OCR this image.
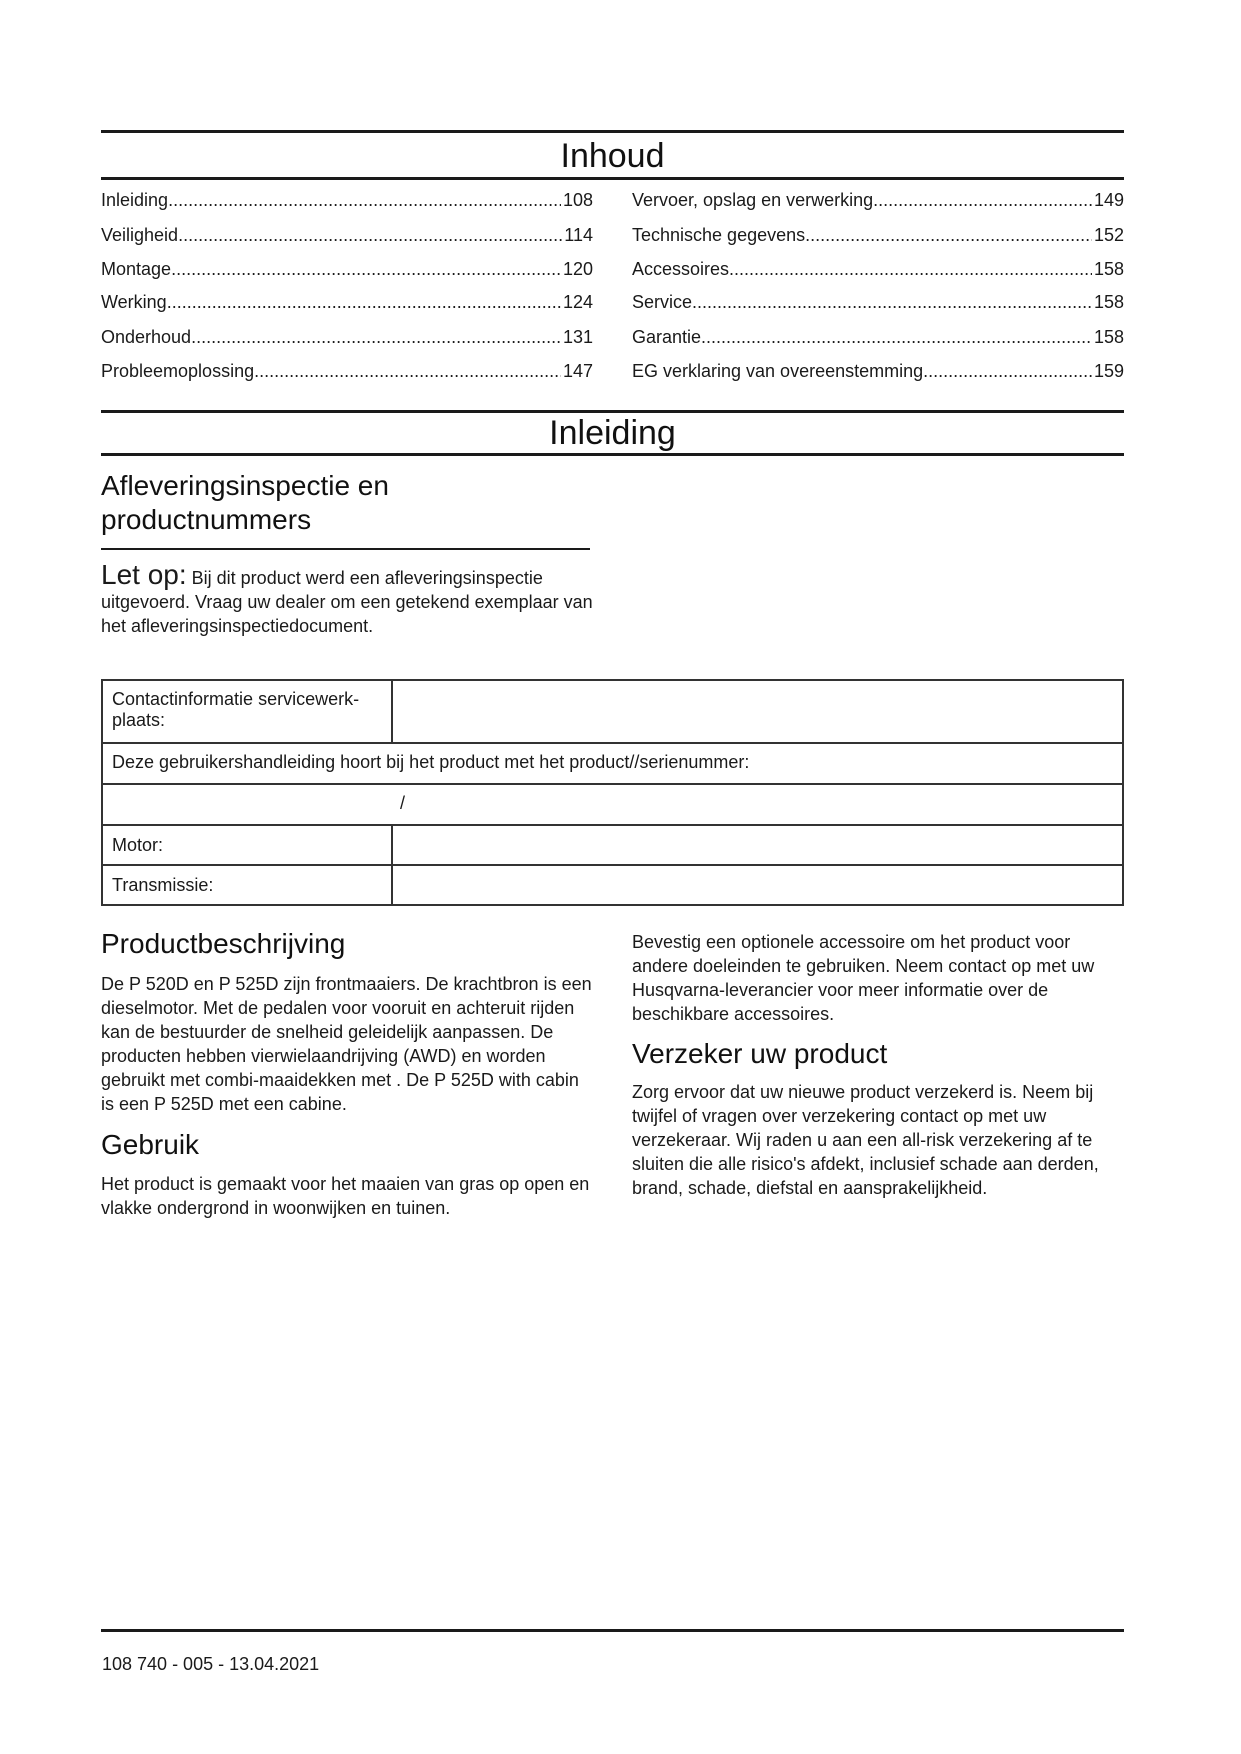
Inhoud
Inleiding .....	108
Veiligheid .....	114
Montage .....	120
Werking .....	124
Onderhoud .....	131
Probleemoplossing .....	147
Vervoer, opslag en verwerking .....	149
Technische gegevens .....	152
Accessoires .....	158
Service .....	158
Garantie .....	158
EG verklaring van overeenstemming .....	159
Inleiding
Afleveringsinspectie en
productnummers
Let op: Bij dit product werd een afleveringsinspectie uitgevoerd. Vraag uw dealer om een getekend exemplaar van het afleveringsinspectiedocument.
Contactinformatie servicewerk-plaats:	
Deze gebruikershandleiding hoort bij het product met het product//serienummer:	
/	
Motor:	
Transmissie:	
Productbeschrijving
De P 520D en P 525D zijn frontmaaiers. De krachtbron is een dieselmotor. Met de pedalen voor vooruit en achteruit rijden kan de bestuurder de snelheid geleidelijk aanpassen. De producten hebben vierwielaandrijving (AWD) en worden gebruikt met combi-maaidekken met . De P 525D with cabin is een P 525D met een cabine.
Gebruik
Het product is gemaakt voor het maaien van gras op open en vlakke ondergrond in woonwijken en tuinen.
Bevestig een optionele accessoire om het product voor andere doeleinden te gebruiken. Neem contact op met uw Husqvarna-leverancier voor meer informatie over de beschikbare accessoires.
Verzeker uw product
Zorg ervoor dat uw nieuwe product verzekerd is. Neem bij twijfel of vragen over verzekering contact op met uw verzekeraar. Wij raden u aan een all-risk verzekering af te sluiten die alle risico's afdekt, inclusief schade aan derden, brand, schade, diefstal en aansprakelijkheid.
108 740 - 005 - 13.04.2021
